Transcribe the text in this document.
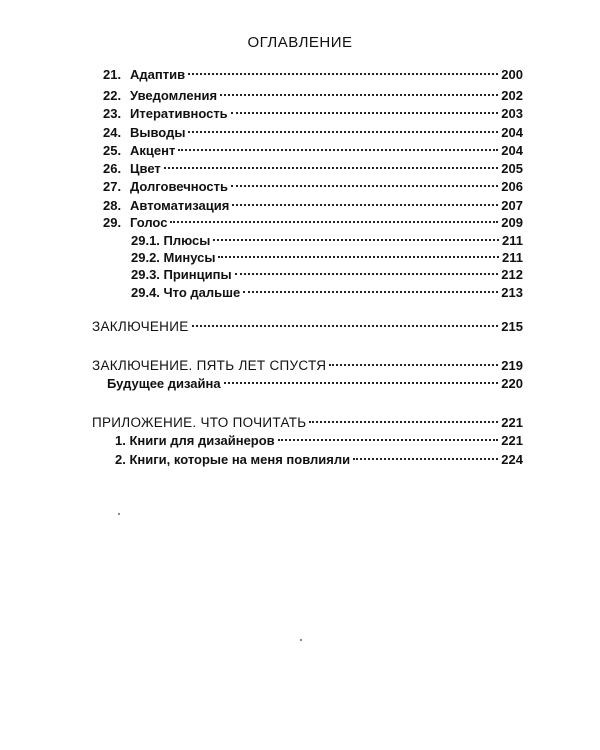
ОГЛАВЛЕНИЕ
21. Адаптив	200
22. Уведомления	202
23. Итеративность	203
24. Выводы	204
25. Акцент	204
26. Цвет	205
27. Долговечность	206
28. Автоматизация	207
29. Голос	209
29.1. Плюсы	211
29.2. Минусы	211
29.3. Принципы	212
29.4. Что дальше	213
ЗАКЛЮЧЕНИЕ	215
ЗАКЛЮЧЕНИЕ. ПЯТЬ ЛЕТ СПУСТЯ	219
Будущее дизайна	220
ПРИЛОЖЕНИЕ. ЧТО ПОЧИТАТЬ	221
1. Книги для дизайнеров	221
2. Книги, которые на меня повлияли	224
